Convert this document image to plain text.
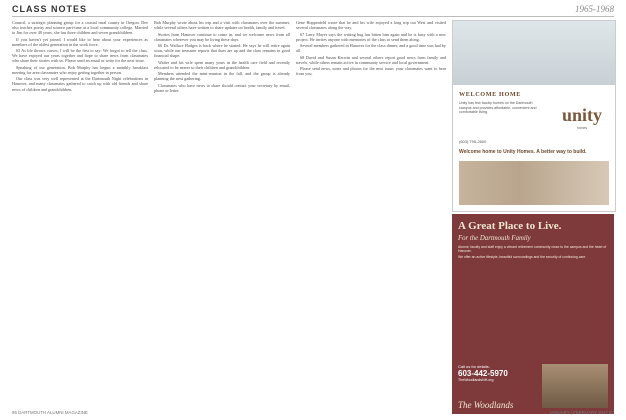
CLASS NOTES	1965-1968

Council, a strategic planning group for a coastal rural county in Oregon. Dee also teaches poetry and science part-time at a local community college. Married to Jim for over 40 years, she has three children and seven grandchildren.

If you haven't yet joined, I would like to hear about your experiences as members of the oldest generation in the work force.

65 As life throws curves, I will be the first to say: We forgot to tell the class. We have enjoyed our years together and hope to share news from classmates who share their stories with us. Please send an email or write for the next issue.

Speaking of our generation, Bob Murphy has begun a monthly breakfast meeting for area classmates who enjoy getting together in person.

Our class was very well represented at the Dartmouth Night celebrations in Hanover, and many classmates gathered to catch up with old friends and share news of children and grandchildren.

Bob Murphy wrote about his trip and a visit with classmates over the summer, while several others have written to share updates on health, family and travel.

Stories from Hanover continue to come in, and we welcome news from all classmates wherever you may be living these days.

66 Dr. Wallace Hodges is back where he started. He says he will retire again soon, while our treasurer reports that dues are up and the class remains in good financial shape.

Walter and his wife spent many years in the health care field and recently relocated to be nearer to their children and grandchildren.

Members attended the mini-reunion in the fall, and the group is already planning the next gathering.

Classmates who have news to share should contact your secretary by email, phone or letter.

Gene Hoppenfeld wrote that he and his wife enjoyed a long trip out West and visited several classmates along the way.

67 Larry Mayer says the writing bug has bitten him again and he is busy with a new project. He invites anyone with memories of the class to send them along.

Several members gathered in Hanover for the class dinner, and a good time was had by all.

68 David and Susan Kerwin and several others report good news from family and travels, while others remain active in community service and local government.

Please send news, notes and photos for the next issue; your classmates want to hear from you.

WELCOME HOME
Unity has few faculty homes on the Dartmouth campus and provides affordable, convenient and comfortable living.
(603) 795-2600
unity
homes
Welcome home to Unity Homes. A better way to build.
A Great Place to Live.
For the Dartmouth Family

Alumni, faculty and staff enjoy a vibrant retirement community close to the campus and the heart of Hanover.

We offer an active lifestyle, beautiful surroundings and the security of continuing care.

Call us for details:
603-442-5970
TheWoodlandsNH.org
The Woodlands
86 DARTMOUTH ALUMNI MAGAZINE	JANUARY | FEBRUARY 2017 87
